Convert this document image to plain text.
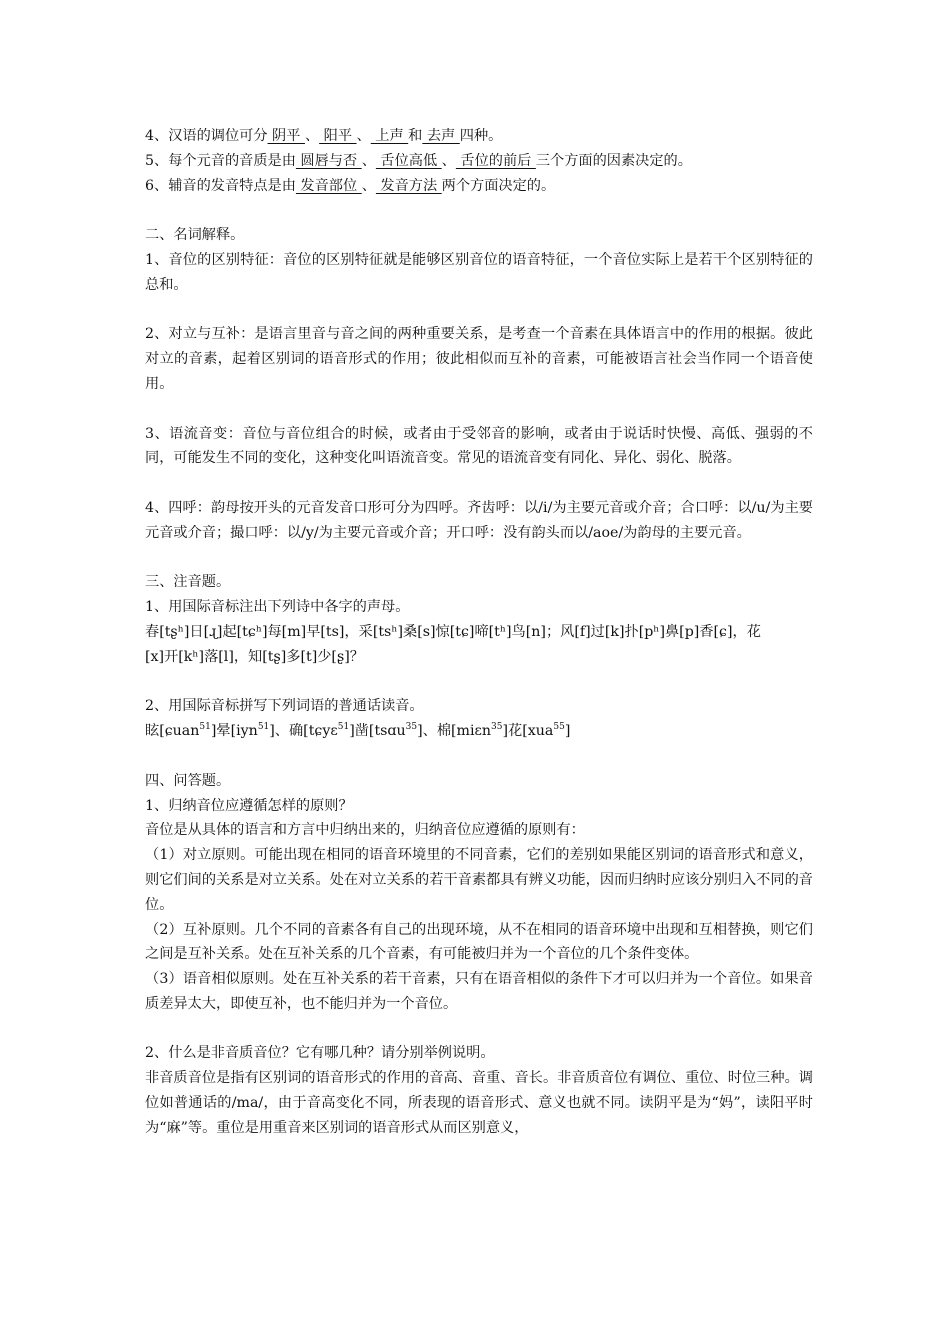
4、汉语的调位可分 阴平 、 阳平 、 上声 和 去声 四种。
5、每个元音的音质是由 圆唇与否 、 舌位高低 、 舌位的前后 三个方面的因素决定的。
6、辅音的发音特点是由 发音部位 、 发音方法 两个方面决定的。
二、名词解释。
1、音位的区别特征：音位的区别特征就是能够区别音位的语音特征，一个音位实际上是若干个区别特征的总和。
2、对立与互补：是语言里音与音之间的两种重要关系，是考查一个音素在具体语言中的作用的根据。彼此对立的音素，起着区别词的语音形式的作用；彼此相似而互补的音素，可能被语言社会当作同一个语音使用。
3、语流音变：音位与音位组合的时候，或者由于受邻音的影响，或者由于说话时快慢、高低、强弱的不同，可能发生不同的变化，这种变化叫语流音变。常见的语流音变有同化、异化、弱化、脱落。
4、四呼：韵母按开头的元音发音口形可分为四呼。齐齿呼：以/i/为主要元音或介音；合口呼：以/u/为主要元音或介音；撮口呼：以/y/为主要元音或介音；开口呼：没有韵头而以/aoe/为韵母的主要元音。
三、注音题。
1、用国际音标注出下列诗中各字的声母。
春[tʂʰ]日[ɻ]起[tɕʰ]每[m]早[ts]，采[tsʰ]桑[s]惊[tɕ]啼[tʰ]鸟[n]；风[f]过[k]扑[pʰ]鼻[p]香[ɕ]，花
[x]开[kʰ]落[l]，知[tʂ]多[t]少[ʂ]？
2、用国际音标拼写下列词语的普通话读音。
眩[ɕuan$^{51}$]晕[iyn$^{51}$]、确[tɕyɛ$^{51}$]凿[tsɑu$^{35}$]、棉[miɛn$^{35}$]花[xua$^{55}$]
四、问答题。
1、归纳音位应遵循怎样的原则？
音位是从具体的语言和方言中归纳出来的，归纳音位应遵循的原则有：
（1）对立原则。可能出现在相同的语音环境里的不同音素，它们的差别如果能区别词的语音形式和意义，则它们间的关系是对立关系。处在对立关系的若干音素都具有辨义功能，因而归纳时应该分别归入不同的音位。
（2）互补原则。几个不同的音素各有自己的出现环境，从不在相同的语音环境中出现和互相替换，则它们之间是互补关系。处在互补关系的几个音素，有可能被归并为一个音位的几个条件变体。
（3）语音相似原则。处在互补关系的若干音素，只有在语音相似的条件下才可以归并为一个音位。如果音质差异太大，即使互补，也不能归并为一个音位。
2、什么是非音质音位？它有哪几种？请分别举例说明。
非音质音位是指有区别词的语音形式的作用的音高、音重、音长。非音质音位有调位、重位、时位三种。调位如普通话的/ma/，由于音高变化不同，所表现的语音形式、意义也就不同。读阴平是为“妈”，读阳平时为“麻”等。重位是用重音来区别词的语音形式从而区别意义，
